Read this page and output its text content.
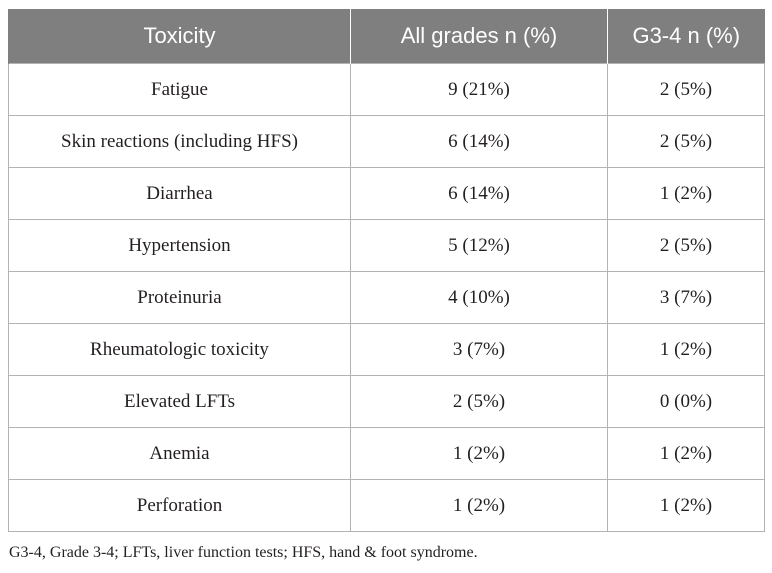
Toxicity	All grades n (%)	G3-4 n (%)
Fatigue	9 (21%)	2 (5%)
Skin reactions (including HFS)	6 (14%)	2 (5%)
Diarrhea	6 (14%)	1 (2%)
Hypertension	5 (12%)	2 (5%)
Proteinuria	4 (10%)	3 (7%)
Rheumatologic toxicity	3 (7%)	1 (2%)
Elevated LFTs	2 (5%)	0 (0%)
Anemia	1 (2%)	1 (2%)
Perforation	1 (2%)	1 (2%)
G3-4, Grade 3-4; LFTs, liver function tests; HFS, hand & foot syndrome.
